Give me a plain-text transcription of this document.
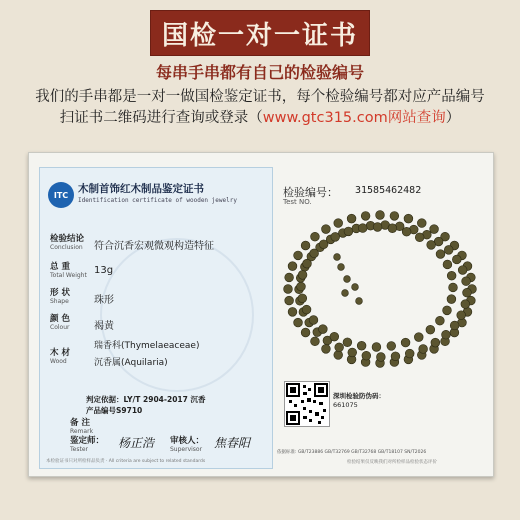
国检一对一证书
每串手串都有自己的检验编号
我们的手串都是一对一做国检鉴定证书，每个检验编号都对应产品编号
扫证书二维码进行查询或登录（www.gtc315.com网站查询）
ITC 木制首饰红木制品鉴定证书
Identification certificate of wooden jewelry
检验结论
Conclusion 符合沉香宏观微观构造特征
总 重
Total Weight 13g
形 状
Shape	珠形
颜 色
Colour 褐黄
木 材
Wood
瑞香科(Thymelaeaceae)
沉香属(Aquilaria)
判定依据：LY/T 2904-2017 沉香
产品编号S9710
备 注
Remark
鉴定师：
Tester	杨正浩 审核人：
Supervisor 焦春阳
本检验证书只对所检样品负责 · All criteria are subject to related standards
检验编号： 31585462482
Test NO.
深圳检验防伪码：
661075
依据标准: GB/T23886 GB/T32769 GB/T32768 GB/T18107 SN/T2026
检验结果仅反映我们对所检样品检验状态评价
